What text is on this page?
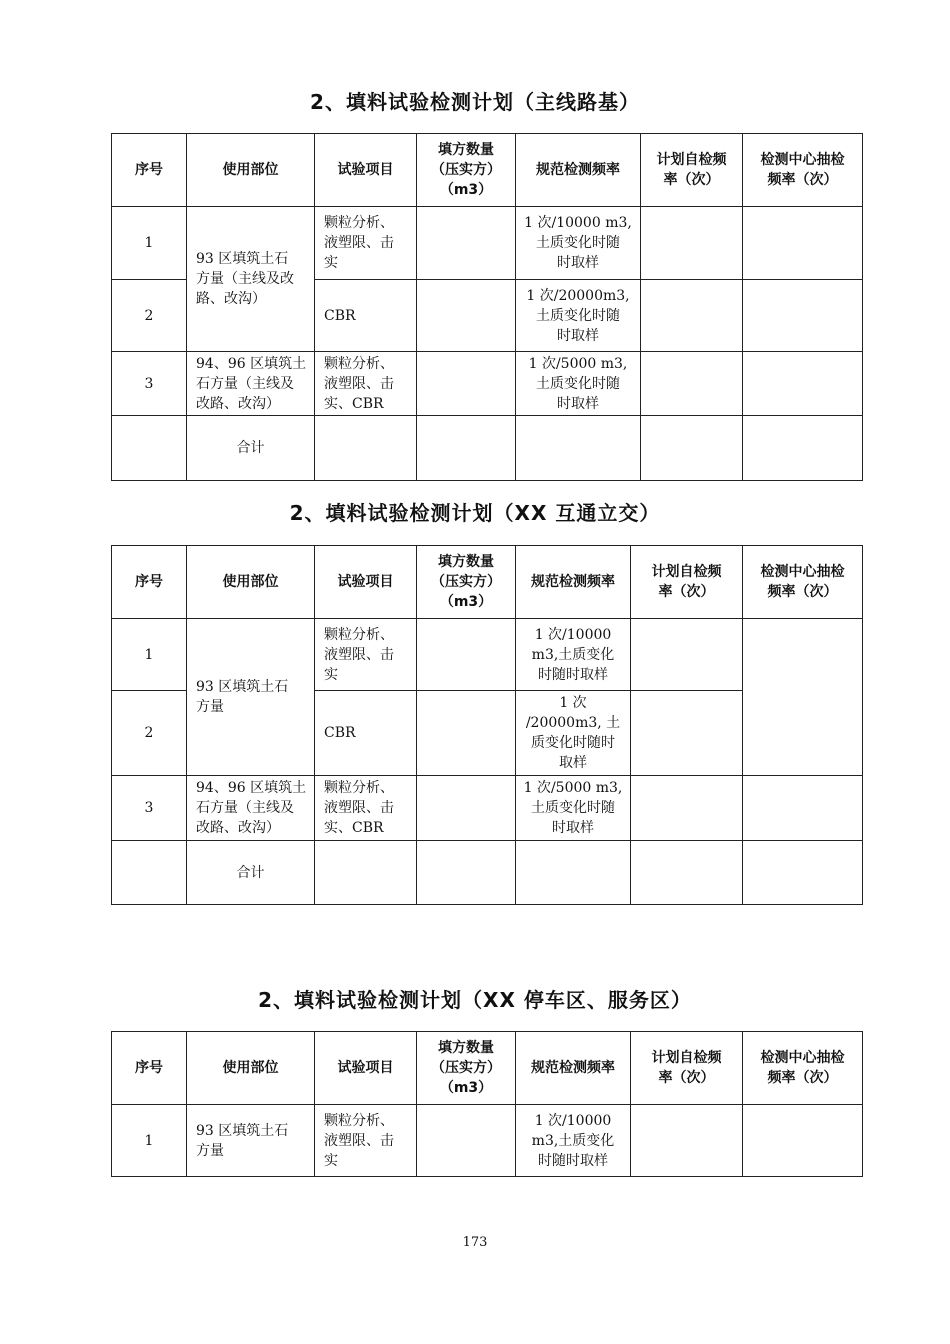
2、填料试验检测计划（主线路基）
序号	使用部位	试验项目	填方数量
（压实方）
（m3）	规范检测频率	计划自检频
率（次）	检测中心抽检
频率（次）
1	93 区填筑土石
方量（主线及改
路、改沟）	颗粒分析、
液塑限、击
实		1 次/10000 m3,
土质变化时随
时取样		
2		CBR		1 次/20000m3,
土质变化时随
时取样		
3	94、96 区填筑土
石方量（主线及
改路、改沟）	颗粒分析、
液塑限、击
实、CBR		1 次/5000 m3,
土质变化时随
时取样		
	合计					
2、填料试验检测计划（XX 互通立交）
序号	使用部位	试验项目	填方数量
（压实方）
（m3）	规范检测频率	计划自检频
率（次）	检测中心抽检
频率（次）
1	93 区填筑土石
方量	颗粒分析、
液塑限、击
实		1 次/10000
m3,土质变化
时随时取样		
2		CBR		1 次
/20000m3, 土
质变化时随时
取样		
3	94、96 区填筑土
石方量（主线及
改路、改沟）	颗粒分析、
液塑限、击
实、CBR		1 次/5000 m3,
土质变化时随
时取样		
	合计					
2、填料试验检测计划（XX 停车区、服务区）
序号	使用部位	试验项目	填方数量
（压实方）
（m3）	规范检测频率	计划自检频
率（次）	检测中心抽检
频率（次）
1	93 区填筑土石
方量	颗粒分析、
液塑限、击
实		1 次/10000
m3,土质变化
时随时取样		
173
